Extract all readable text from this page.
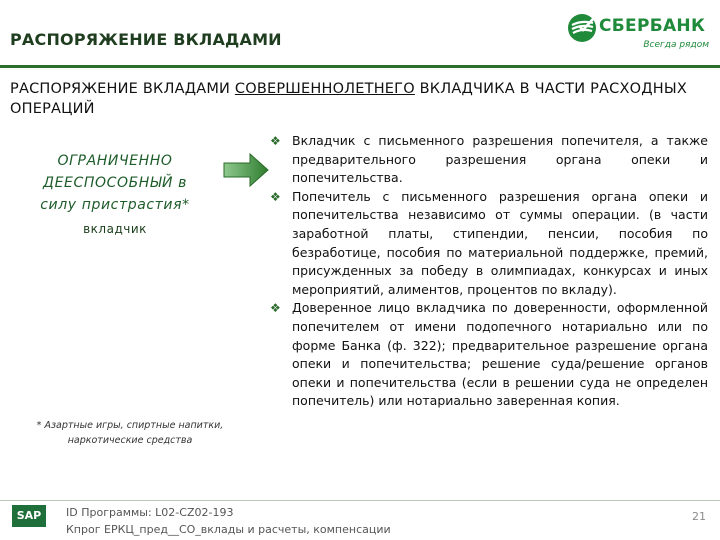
РАСПОРЯЖЕНИЕ ВКЛАДАМИ
СБЕРБАНК
Всегда рядом
РАСПОРЯЖЕНИЕ ВКЛАДАМИ СОВЕРШЕННОЛЕТНЕГО ВКЛАДЧИКА В ЧАСТИ РАСХОДНЫХ ОПЕРАЦИЙ
ОГРАНИЧЕННО
ДЕЕСПОСОБНЫЙ в
силу пристрастия*
вкладчик
* Азартные игры, спиртные напитки, наркотические средства
❖ Вкладчик с письменного разрешения попечителя, а также предварительного разрешения органа опеки и попечительства.
❖ Попечитель с письменного разрешения органа опеки и попечительства независимо от суммы операции. (в части заработной платы, стипендии, пенсии, пособия по безработице, пособия по материальной поддержке, премий, присужденных за победу в олимпиадах, конкурсах и иных мероприятий, алиментов, процентов по вкладу).
❖ Доверенное лицо вкладчика по доверенности, оформленной попечителем от имени подопечного нотариально или по форме Банка (ф. 322); предварительное разрешение органа опеки и попечительства; решение суда/решение органов опеки и попечительства (если в решении суда не определен попечитель) или нотариально заверенная копия.
SAP	ID Программы: L02-CZ02-193
Кпрог ЕРКЦ_пред__СО_вклады и расчеты, компенсации
21
